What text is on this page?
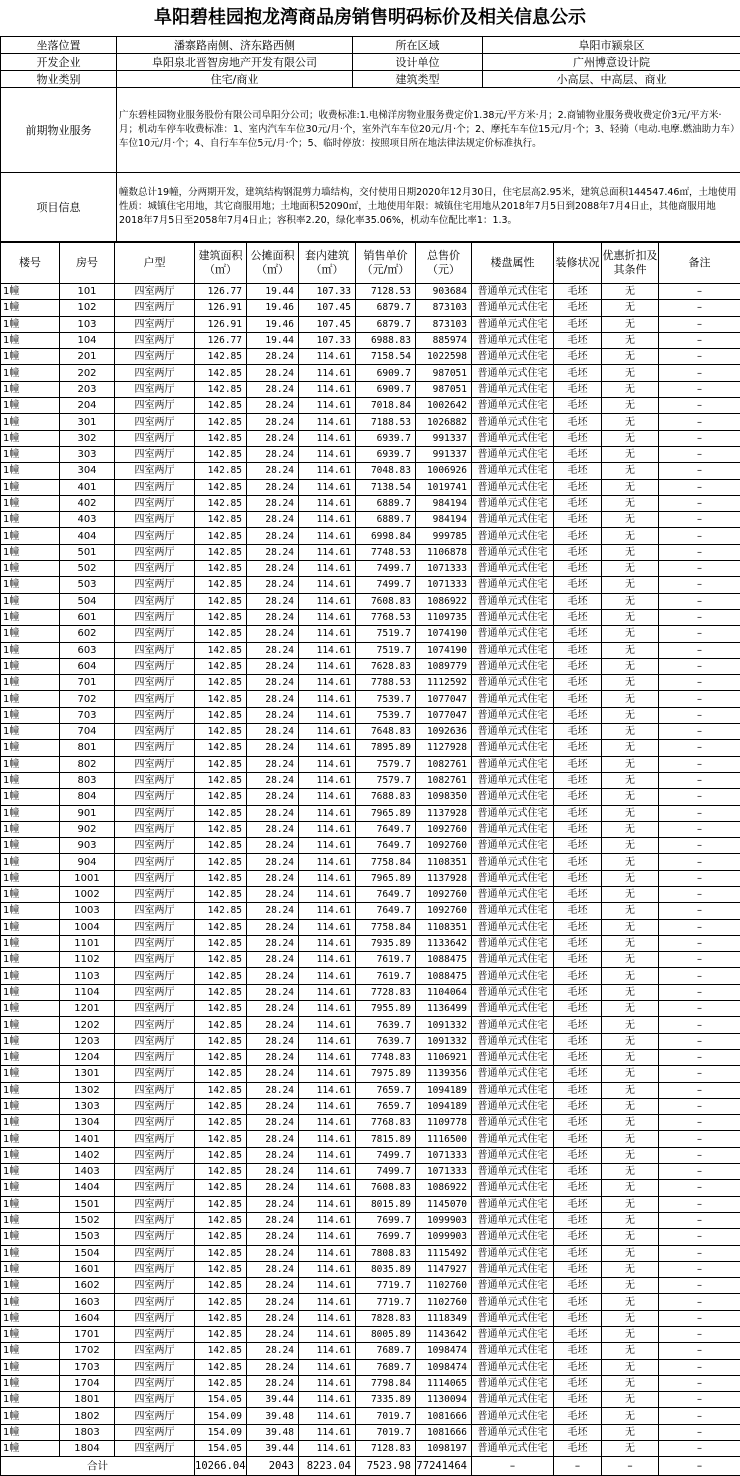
阜阳碧桂园抱龙湾商品房销售明码标价及相关信息公示
坐落位置	潘寨路南侧、济东路西侧	所在区域	阜阳市颍泉区
开发企业	阜阳泉北晋智房地产开发有限公司	设计单位	广州博意设计院
物业类别	住宅/商业	建筑类型	小高层、中高层、商业
前期物业服务	广东碧桂园物业服务股份有限公司阜阳分公司；收费标准:1.电梯洋房物业服务费定价1.38元/平方米·月；2.商铺物业服务费收费定价3元/平方米·月；机动车停车收费标准：1、室内汽车车位30元/月·个，室外汽车车位20元/月·个；2、摩托车车位15元/月·个；3、轻骑（电动.电摩.燃油助力车）车位10元/月·个；4、自行车车位5元/月·个；5、临时停放：按照项目所在地法律法规定价标准执行。		
项目信息	幢数总计19幢，分两期开发，建筑结构钢混剪力墙结构，交付使用日期2020年12月30日，住宅层高2.95米，建筑总面积144547.46㎡，土地使用性质：城镇住宅用地，其它商服用地；土地面积52090㎡，土地使用年限：城镇住宅用地从2018年7月5日到2088年7月4日止，其他商服用地2018年7月5日至2058年7月4日止；容积率2.20，绿化率35.06%，机动车位配比率1：1.3。		
楼号	房号	户型	建筑面积（㎡）	公摊面积（㎡）	套内建筑（㎡）	销售单价（元/㎡）	总售价（元）	楼盘属性	装修状况	优惠折扣及其条件	备注
1幢	101	四室两厅	126.77	19.44	107.33	7128.53	903684	普通单元式住宅	毛坯	无	–
1幢	102	四室两厅	126.91	19.46	107.45	6879.7	873103	普通单元式住宅	毛坯	无	–
1幢	103	四室两厅	126.91	19.46	107.45	6879.7	873103	普通单元式住宅	毛坯	无	–
1幢	104	四室两厅	126.77	19.44	107.33	6988.83	885974	普通单元式住宅	毛坯	无	–
1幢	201	四室两厅	142.85	28.24	114.61	7158.54	1022598	普通单元式住宅	毛坯	无	–
1幢	202	四室两厅	142.85	28.24	114.61	6909.7	987051	普通单元式住宅	毛坯	无	–
1幢	203	四室两厅	142.85	28.24	114.61	6909.7	987051	普通单元式住宅	毛坯	无	–
1幢	204	四室两厅	142.85	28.24	114.61	7018.84	1002642	普通单元式住宅	毛坯	无	–
1幢	301	四室两厅	142.85	28.24	114.61	7188.53	1026882	普通单元式住宅	毛坯	无	–
1幢	302	四室两厅	142.85	28.24	114.61	6939.7	991337	普通单元式住宅	毛坯	无	–
1幢	303	四室两厅	142.85	28.24	114.61	6939.7	991337	普通单元式住宅	毛坯	无	–
1幢	304	四室两厅	142.85	28.24	114.61	7048.83	1006926	普通单元式住宅	毛坯	无	–
1幢	401	四室两厅	142.85	28.24	114.61	7138.54	1019741	普通单元式住宅	毛坯	无	–
1幢	402	四室两厅	142.85	28.24	114.61	6889.7	984194	普通单元式住宅	毛坯	无	–
1幢	403	四室两厅	142.85	28.24	114.61	6889.7	984194	普通单元式住宅	毛坯	无	–
1幢	404	四室两厅	142.85	28.24	114.61	6998.84	999785	普通单元式住宅	毛坯	无	–
1幢	501	四室两厅	142.85	28.24	114.61	7748.53	1106878	普通单元式住宅	毛坯	无	–
1幢	502	四室两厅	142.85	28.24	114.61	7499.7	1071333	普通单元式住宅	毛坯	无	–
1幢	503	四室两厅	142.85	28.24	114.61	7499.7	1071333	普通单元式住宅	毛坯	无	–
1幢	504	四室两厅	142.85	28.24	114.61	7608.83	1086922	普通单元式住宅	毛坯	无	–
1幢	601	四室两厅	142.85	28.24	114.61	7768.53	1109735	普通单元式住宅	毛坯	无	–
1幢	602	四室两厅	142.85	28.24	114.61	7519.7	1074190	普通单元式住宅	毛坯	无	–
1幢	603	四室两厅	142.85	28.24	114.61	7519.7	1074190	普通单元式住宅	毛坯	无	–
1幢	604	四室两厅	142.85	28.24	114.61	7628.83	1089779	普通单元式住宅	毛坯	无	–
1幢	701	四室两厅	142.85	28.24	114.61	7788.53	1112592	普通单元式住宅	毛坯	无	–
1幢	702	四室两厅	142.85	28.24	114.61	7539.7	1077047	普通单元式住宅	毛坯	无	–
1幢	703	四室两厅	142.85	28.24	114.61	7539.7	1077047	普通单元式住宅	毛坯	无	–
1幢	704	四室两厅	142.85	28.24	114.61	7648.83	1092636	普通单元式住宅	毛坯	无	–
1幢	801	四室两厅	142.85	28.24	114.61	7895.89	1127928	普通单元式住宅	毛坯	无	–
1幢	802	四室两厅	142.85	28.24	114.61	7579.7	1082761	普通单元式住宅	毛坯	无	–
1幢	803	四室两厅	142.85	28.24	114.61	7579.7	1082761	普通单元式住宅	毛坯	无	–
1幢	804	四室两厅	142.85	28.24	114.61	7688.83	1098350	普通单元式住宅	毛坯	无	–
1幢	901	四室两厅	142.85	28.24	114.61	7965.89	1137928	普通单元式住宅	毛坯	无	–
1幢	902	四室两厅	142.85	28.24	114.61	7649.7	1092760	普通单元式住宅	毛坯	无	–
1幢	903	四室两厅	142.85	28.24	114.61	7649.7	1092760	普通单元式住宅	毛坯	无	–
1幢	904	四室两厅	142.85	28.24	114.61	7758.84	1108351	普通单元式住宅	毛坯	无	–
1幢	1001	四室两厅	142.85	28.24	114.61	7965.89	1137928	普通单元式住宅	毛坯	无	–
1幢	1002	四室两厅	142.85	28.24	114.61	7649.7	1092760	普通单元式住宅	毛坯	无	–
1幢	1003	四室两厅	142.85	28.24	114.61	7649.7	1092760	普通单元式住宅	毛坯	无	–
1幢	1004	四室两厅	142.85	28.24	114.61	7758.84	1108351	普通单元式住宅	毛坯	无	–
1幢	1101	四室两厅	142.85	28.24	114.61	7935.89	1133642	普通单元式住宅	毛坯	无	–
1幢	1102	四室两厅	142.85	28.24	114.61	7619.7	1088475	普通单元式住宅	毛坯	无	–
1幢	1103	四室两厅	142.85	28.24	114.61	7619.7	1088475	普通单元式住宅	毛坯	无	–
1幢	1104	四室两厅	142.85	28.24	114.61	7728.83	1104064	普通单元式住宅	毛坯	无	–
1幢	1201	四室两厅	142.85	28.24	114.61	7955.89	1136499	普通单元式住宅	毛坯	无	–
1幢	1202	四室两厅	142.85	28.24	114.61	7639.7	1091332	普通单元式住宅	毛坯	无	–
1幢	1203	四室两厅	142.85	28.24	114.61	7639.7	1091332	普通单元式住宅	毛坯	无	–
1幢	1204	四室两厅	142.85	28.24	114.61	7748.83	1106921	普通单元式住宅	毛坯	无	–
1幢	1301	四室两厅	142.85	28.24	114.61	7975.89	1139356	普通单元式住宅	毛坯	无	–
1幢	1302	四室两厅	142.85	28.24	114.61	7659.7	1094189	普通单元式住宅	毛坯	无	–
1幢	1303	四室两厅	142.85	28.24	114.61	7659.7	1094189	普通单元式住宅	毛坯	无	–
1幢	1304	四室两厅	142.85	28.24	114.61	7768.83	1109778	普通单元式住宅	毛坯	无	–
1幢	1401	四室两厅	142.85	28.24	114.61	7815.89	1116500	普通单元式住宅	毛坯	无	–
1幢	1402	四室两厅	142.85	28.24	114.61	7499.7	1071333	普通单元式住宅	毛坯	无	–
1幢	1403	四室两厅	142.85	28.24	114.61	7499.7	1071333	普通单元式住宅	毛坯	无	–
1幢	1404	四室两厅	142.85	28.24	114.61	7608.83	1086922	普通单元式住宅	毛坯	无	–
1幢	1501	四室两厅	142.85	28.24	114.61	8015.89	1145070	普通单元式住宅	毛坯	无	–
1幢	1502	四室两厅	142.85	28.24	114.61	7699.7	1099903	普通单元式住宅	毛坯	无	–
1幢	1503	四室两厅	142.85	28.24	114.61	7699.7	1099903	普通单元式住宅	毛坯	无	–
1幢	1504	四室两厅	142.85	28.24	114.61	7808.83	1115492	普通单元式住宅	毛坯	无	–
1幢	1601	四室两厅	142.85	28.24	114.61	8035.89	1147927	普通单元式住宅	毛坯	无	–
1幢	1602	四室两厅	142.85	28.24	114.61	7719.7	1102760	普通单元式住宅	毛坯	无	–
1幢	1603	四室两厅	142.85	28.24	114.61	7719.7	1102760	普通单元式住宅	毛坯	无	–
1幢	1604	四室两厅	142.85	28.24	114.61	7828.83	1118349	普通单元式住宅	毛坯	无	–
1幢	1701	四室两厅	142.85	28.24	114.61	8005.89	1143642	普通单元式住宅	毛坯	无	–
1幢	1702	四室两厅	142.85	28.24	114.61	7689.7	1098474	普通单元式住宅	毛坯	无	–
1幢	1703	四室两厅	142.85	28.24	114.61	7689.7	1098474	普通单元式住宅	毛坯	无	–
1幢	1704	四室两厅	142.85	28.24	114.61	7798.84	1114065	普通单元式住宅	毛坯	无	–
1幢	1801	四室两厅	154.05	39.44	114.61	7335.89	1130094	普通单元式住宅	毛坯	无	–
1幢	1802	四室两厅	154.09	39.48	114.61	7019.7	1081666	普通单元式住宅	毛坯	无	–
1幢	1803	四室两厅	154.09	39.48	114.61	7019.7	1081666	普通单元式住宅	毛坯	无	–
1幢	1804	四室两厅	154.05	39.44	114.61	7128.83	1098197	普通单元式住宅	毛坯	无	–
合计			10266.04	2043	8223.04	7523.98	77241464	–	–	–	–
